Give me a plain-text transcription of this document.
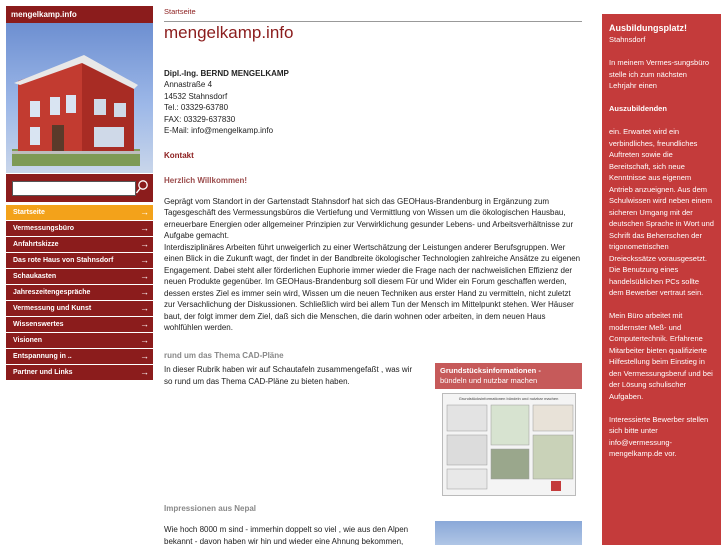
mengelkamp.info
Startseite	→
Vermessungsbüro	→
Anfahrtskizze	→
Das rote Haus von Stahnsdorf	→
Schaukasten	→
Jahreszeitengespräche	→
Vermessung und Kunst	→
Wissenswertes	→
Visionen	→
Entspannung in ..	→
Partner und Links	→
Startseite
mengelkamp.info
Dipl.-Ing. BERND MENGELKAMP
Annastraße 4
14532 Stahnsdorf
Tel.: 03329-63780
FAX: 03329-637830
E-Mail: info@mengelkamp.info
Kontakt
Herzlich Willkommen!
Geprägt vom Standort in der Gartenstadt Stahnsdorf hat sich das GEOHaus-Brandenburg in Ergänzung zum Tagesgeschäft des Vermessungsbüros die Vertiefung und Vermittlung von Wissen um die ökologischen Hausbau, erneuerbare Energien oder allgemeiner Prinzipien zur Verwirklichung gesunder Lebens- und Arbeitsverhältnisse zur Aufgabe gemacht.
Interdisziplinäres Arbeiten führt unweigerlich zu einer Wertschätzung der Leistungen anderer Berufsgruppen. Wer einen Blick in die Zukunft wagt, der findet in der Bandbreite ökologischer Technologien zahlreiche Ansätze zu eigenen Engagement. Dabei steht aller förderlichen Euphorie immer wieder die Frage nach der nachweislichen Effizienz der neuen Produkte gegenüber. Im GEOHaus-Brandenburg soll diesem Für und Wider ein Forum geschaffen werden, dessen erstes Ziel es immer sein wird, Wissen um die neuen Techniken aus erster Hand zu vermitteln, nicht zuletzt zur Versachlichung der Diskussionen. Schließlich wird bei allem Tun der Mensch im Mittelpunkt stehen. Wer Häuser baut, der folgt immer dem Ziel, daß sich die Menschen, die darin wohnen oder arbeiten, in dem neuen Haus wohlfühlen werden.
rund um das Thema CAD-Pläne
In dieser Rubrik haben wir auf Schautafeln zusammengefaßt , was wir so rund um das Thema CAD-Pläne zu bieten haben.
Grundstücksinformationen -
bündeln und nutzbar machen
Grundstücksinformationen bündeln und nutzbar machen
Impressionen aus Nepal
Wie hoch 8000 m sind - immerhin doppelt so viel , wie aus den Alpen bekannt - davon haben wir hin und wieder eine Ahnung bekommen,
Ausbildungsplatz!

Stahnsdorf

In meinem Vermes-sungsbüro stelle ich zum nächsten Lehrjahr einen

Auszubildenden

ein. Erwartet wird ein verbindliches, freundliches Auftreten sowie die Bereitschaft, sich neue Kenntnisse aus eigenem Antrieb anzueignen. Aus dem Schulwissen wird neben einem sicheren Umgang mit der deutschen Sprache in Wort und Schrift das Beherrschen der trigonometrischen Dreieckssätze vorausgesetzt. Die Benutzung eines handelsüblichen PCs sollte dem Bewerber vertraut sein.

Mein Büro arbeitet mit modernster Meß- und Computertechnik. Erfahrene Mitarbeiter bieten qualifizierte Hilfestellung beim Einstieg in den Vermessungsberuf und bei der Lösung schulischer Aufgaben.

Interessierte Bewerber stellen sich bitte unter info@vermessung-mengelkamp.de vor.
